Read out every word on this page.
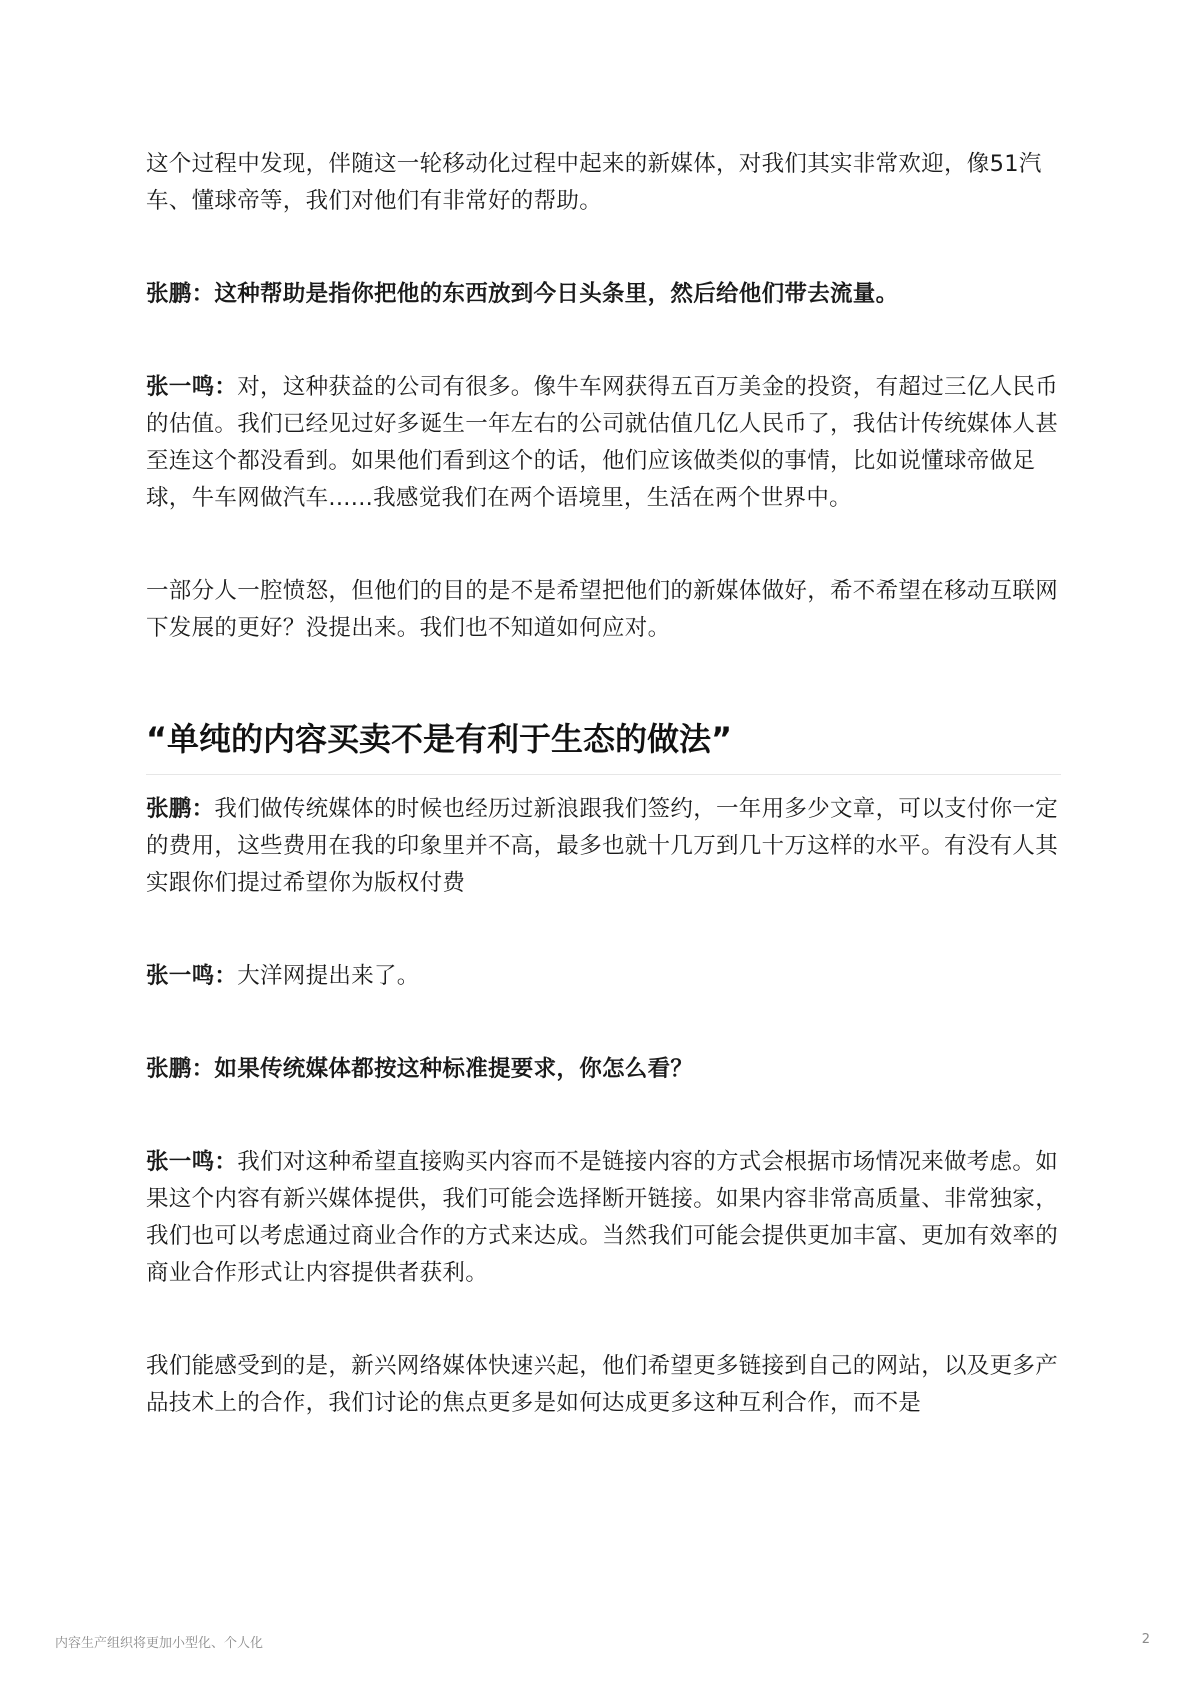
这个过程中发现，伴随这一轮移动化过程中起来的新媒体，对我们其实非常欢迎，像51汽车、懂球帝等，我们对他们有非常好的帮助。

张鹏：这种帮助是指你把他的东西放到今日头条里，然后给他们带去流量。

张一鸣：对，这种获益的公司有很多。像牛车网获得五百万美金的投资，有超过三亿人民币的估值。我们已经见过好多诞生一年左右的公司就估值几亿人民币了，我估计传统媒体人甚至连这个都没看到。如果他们看到这个的话，他们应该做类似的事情，比如说懂球帝做足球，牛车网做汽车......我感觉我们在两个语境里，生活在两个世界中。

一部分人一腔愤怒，但他们的目的是不是希望把他们的新媒体做好，希不希望在移动互联网下发展的更好？没提出来。我们也不知道如何应对。

“单纯的内容买卖不是有利于生态的做法”

张鹏：我们做传统媒体的时候也经历过新浪跟我们签约，一年用多少文章，可以支付你一定的费用，这些费用在我的印象里并不高，最多也就十几万到几十万这样的水平。有没有人其实跟你们提过希望你为版权付费

张一鸣：大洋网提出来了。

张鹏：如果传统媒体都按这种标准提要求，你怎么看？

张一鸣：我们对这种希望直接购买内容而不是链接内容的方式会根据市场情况来做考虑。如果这个内容有新兴媒体提供，我们可能会选择断开链接。如果内容非常高质量、非常独家，我们也可以考虑通过商业合作的方式来达成。当然我们可能会提供更加丰富、更加有效率的商业合作形式让内容提供者获利。

我们能感受到的是，新兴网络媒体快速兴起，他们希望更多链接到自己的网站，以及更多产品技术上的合作，我们讨论的焦点更多是如何达成更多这种互利合作，而不是

内容生产组织将更加小型化、个人化	2
